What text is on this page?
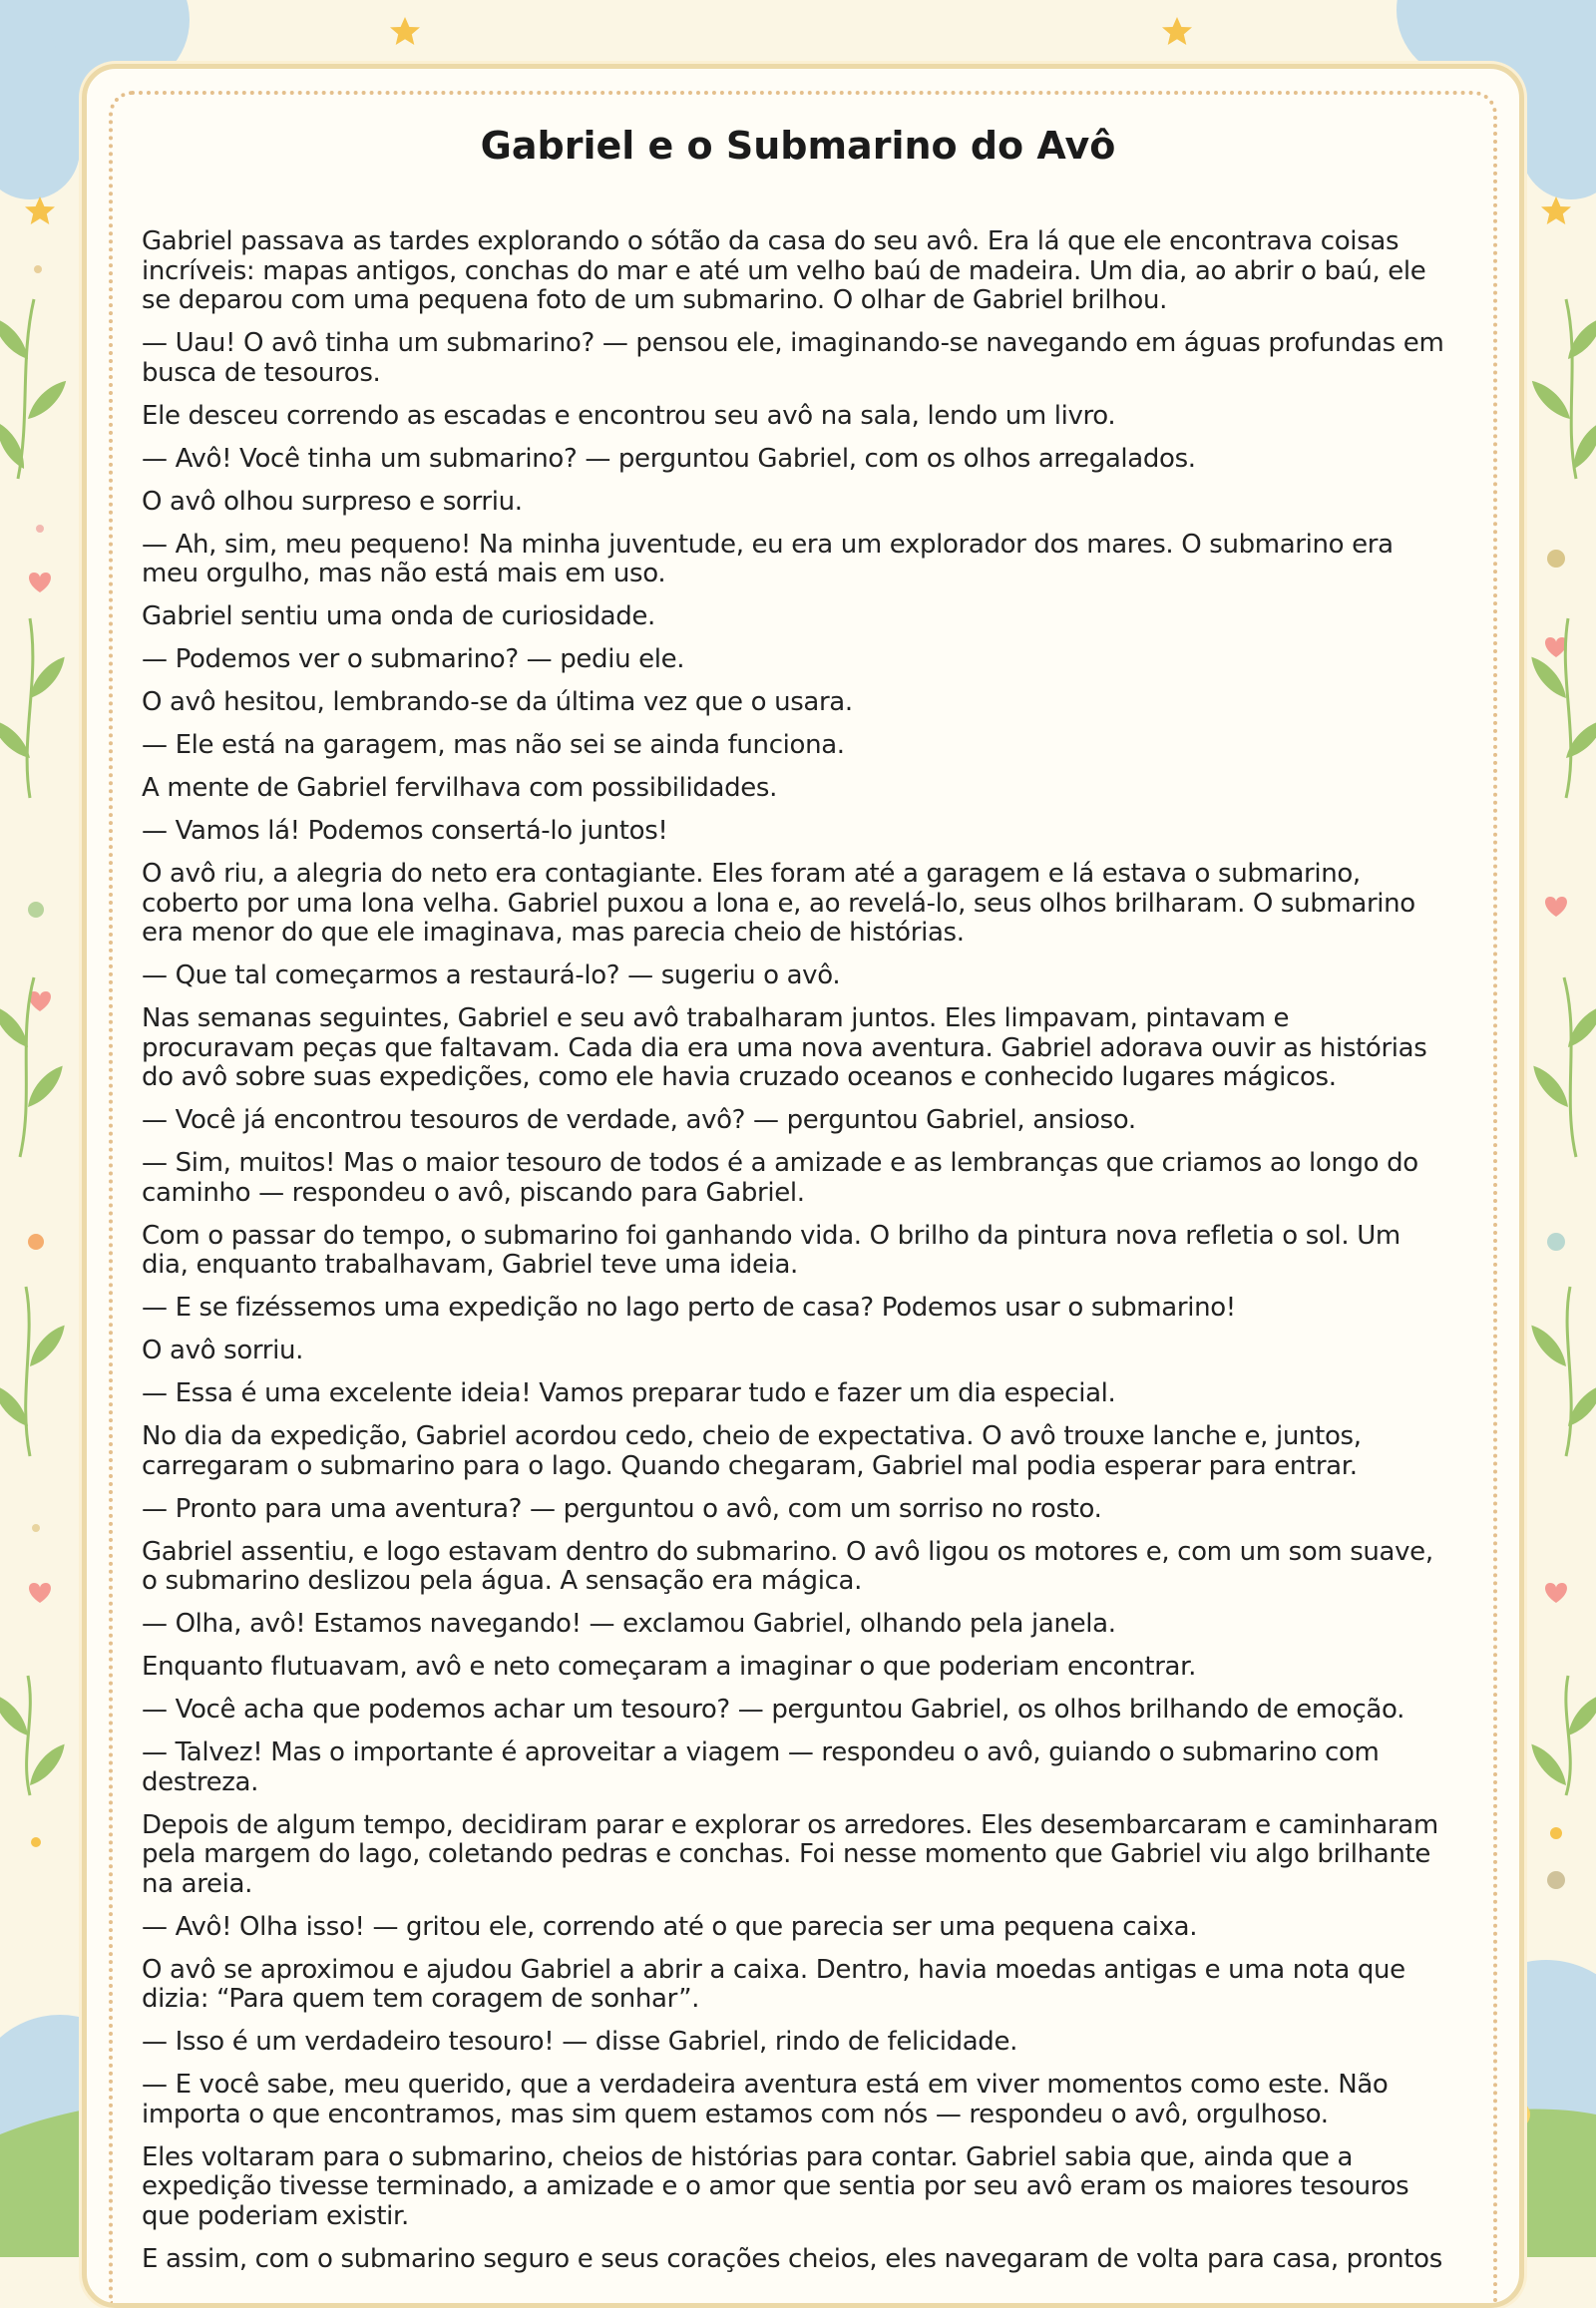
Gabriel e o Submarino do Avô

Gabriel passava as tardes explorando o sótão da casa do seu avô. Era lá que ele encontrava coisas incríveis: mapas antigos, conchas do mar e até um velho baú de madeira. Um dia, ao abrir o baú, ele se deparou com uma pequena foto de um submarino. O olhar de Gabriel brilhou.

— Uau! O avô tinha um submarino? — pensou ele, imaginando-se navegando em águas profundas em busca de tesouros.

Ele desceu correndo as escadas e encontrou seu avô na sala, lendo um livro.

— Avô! Você tinha um submarino? — perguntou Gabriel, com os olhos arregalados.

O avô olhou surpreso e sorriu.

— Ah, sim, meu pequeno! Na minha juventude, eu era um explorador dos mares. O submarino era meu orgulho, mas não está mais em uso.

Gabriel sentiu uma onda de curiosidade.

— Podemos ver o submarino? — pediu ele.

O avô hesitou, lembrando-se da última vez que o usara.

— Ele está na garagem, mas não sei se ainda funciona.

A mente de Gabriel fervilhava com possibilidades.

— Vamos lá! Podemos consertá-lo juntos!

O avô riu, a alegria do neto era contagiante. Eles foram até a garagem e lá estava o submarino, coberto por uma lona velha. Gabriel puxou a lona e, ao revelá-lo, seus olhos brilharam. O submarino era menor do que ele imaginava, mas parecia cheio de histórias.

— Que tal começarmos a restaurá-lo? — sugeriu o avô.

Nas semanas seguintes, Gabriel e seu avô trabalharam juntos. Eles limpavam, pintavam e procuravam peças que faltavam. Cada dia era uma nova aventura. Gabriel adorava ouvir as histórias do avô sobre suas expedições, como ele havia cruzado oceanos e conhecido lugares mágicos.

— Você já encontrou tesouros de verdade, avô? — perguntou Gabriel, ansioso.

— Sim, muitos! Mas o maior tesouro de todos é a amizade e as lembranças que criamos ao longo do caminho — respondeu o avô, piscando para Gabriel.

Com o passar do tempo, o submarino foi ganhando vida. O brilho da pintura nova refletia o sol. Um dia, enquanto trabalhavam, Gabriel teve uma ideia.

— E se fizéssemos uma expedição no lago perto de casa? Podemos usar o submarino!

O avô sorriu.

— Essa é uma excelente ideia! Vamos preparar tudo e fazer um dia especial.

No dia da expedição, Gabriel acordou cedo, cheio de expectativa. O avô trouxe lanche e, juntos, carregaram o submarino para o lago. Quando chegaram, Gabriel mal podia esperar para entrar.

— Pronto para uma aventura? — perguntou o avô, com um sorriso no rosto.

Gabriel assentiu, e logo estavam dentro do submarino. O avô ligou os motores e, com um som suave, o submarino deslizou pela água. A sensação era mágica.

— Olha, avô! Estamos navegando! — exclamou Gabriel, olhando pela janela.

Enquanto flutuavam, avô e neto começaram a imaginar o que poderiam encontrar.

— Você acha que podemos achar um tesouro? — perguntou Gabriel, os olhos brilhando de emoção.

— Talvez! Mas o importante é aproveitar a viagem — respondeu o avô, guiando o submarino com destreza.

Depois de algum tempo, decidiram parar e explorar os arredores. Eles desembarcaram e caminharam pela margem do lago, coletando pedras e conchas. Foi nesse momento que Gabriel viu algo brilhante na areia.

— Avô! Olha isso! — gritou ele, correndo até o que parecia ser uma pequena caixa.

O avô se aproximou e ajudou Gabriel a abrir a caixa. Dentro, havia moedas antigas e uma nota que dizia: “Para quem tem coragem de sonhar”.

— Isso é um verdadeiro tesouro! — disse Gabriel, rindo de felicidade.

— E você sabe, meu querido, que a verdadeira aventura está em viver momentos como este. Não importa o que encontramos, mas sim quem estamos com nós — respondeu o avô, orgulhoso.

Eles voltaram para o submarino, cheios de histórias para contar. Gabriel sabia que, ainda que a expedição tivesse terminado, a amizade e o amor que sentia por seu avô eram os maiores tesouros que poderiam existir.

E assim, com o submarino seguro e seus corações cheios, eles navegaram de volta para casa, prontos
